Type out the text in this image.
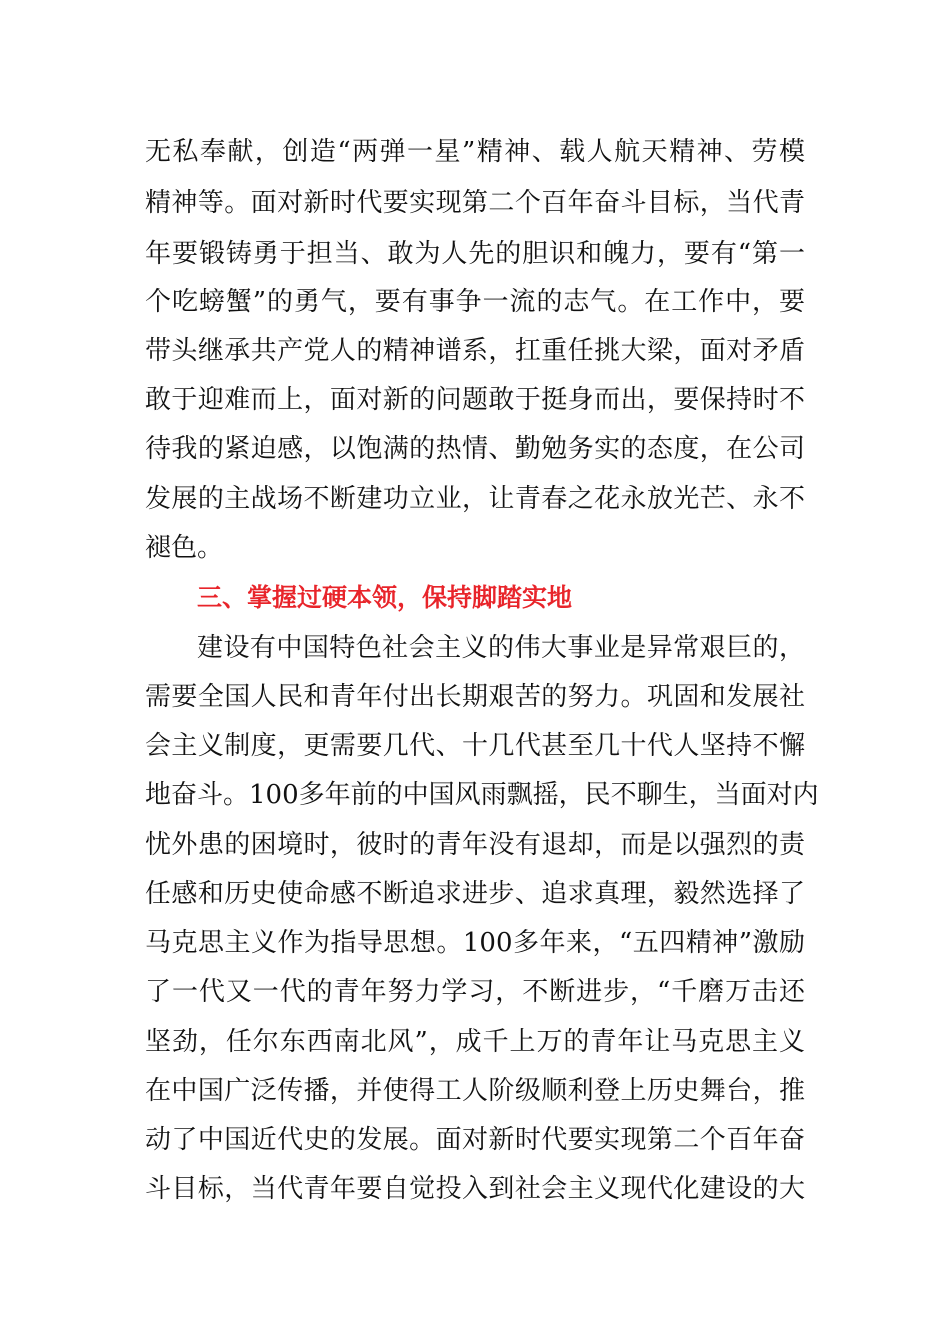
无私奉献，创造“两弹一星”精神、载人航天精神、劳模
精神等。面对新时代要实现第二个百年奋斗目标，当代青
年要锻铸勇于担当、敢为人先的胆识和魄力，要有“第一
个吃螃蟹”的勇气，要有事争一流的志气。在工作中，要
带头继承共产党人的精神谱系，扛重任挑大梁，面对矛盾
敢于迎难而上，面对新的问题敢于挺身而出，要保持时不
待我的紧迫感，以饱满的热情、勤勉务实的态度，在公司
发展的主战场不断建功立业，让青春之花永放光芒、永不
褪色。
三、掌握过硬本领，保持脚踏实地
建设有中国特色社会主义的伟大事业是异常艰巨的，
需要全国人民和青年付出长期艰苦的努力。巩固和发展社
会主义制度，更需要几代、十几代甚至几十代人坚持不懈
地奋斗。100多年前的中国风雨飘摇，民不聊生，当面对内
忧外患的困境时，彼时的青年没有退却，而是以强烈的责
任感和历史使命感不断追求进步、追求真理，毅然选择了
马克思主义作为指导思想。100多年来，“五四精神”激励
了一代又一代的青年努力学习，不断进步，“千磨万击还
坚劲，任尔东西南北风”，成千上万的青年让马克思主义
在中国广泛传播，并使得工人阶级顺利登上历史舞台，推
动了中国近代史的发展。面对新时代要实现第二个百年奋
斗目标，当代青年要自觉投入到社会主义现代化建设的大
